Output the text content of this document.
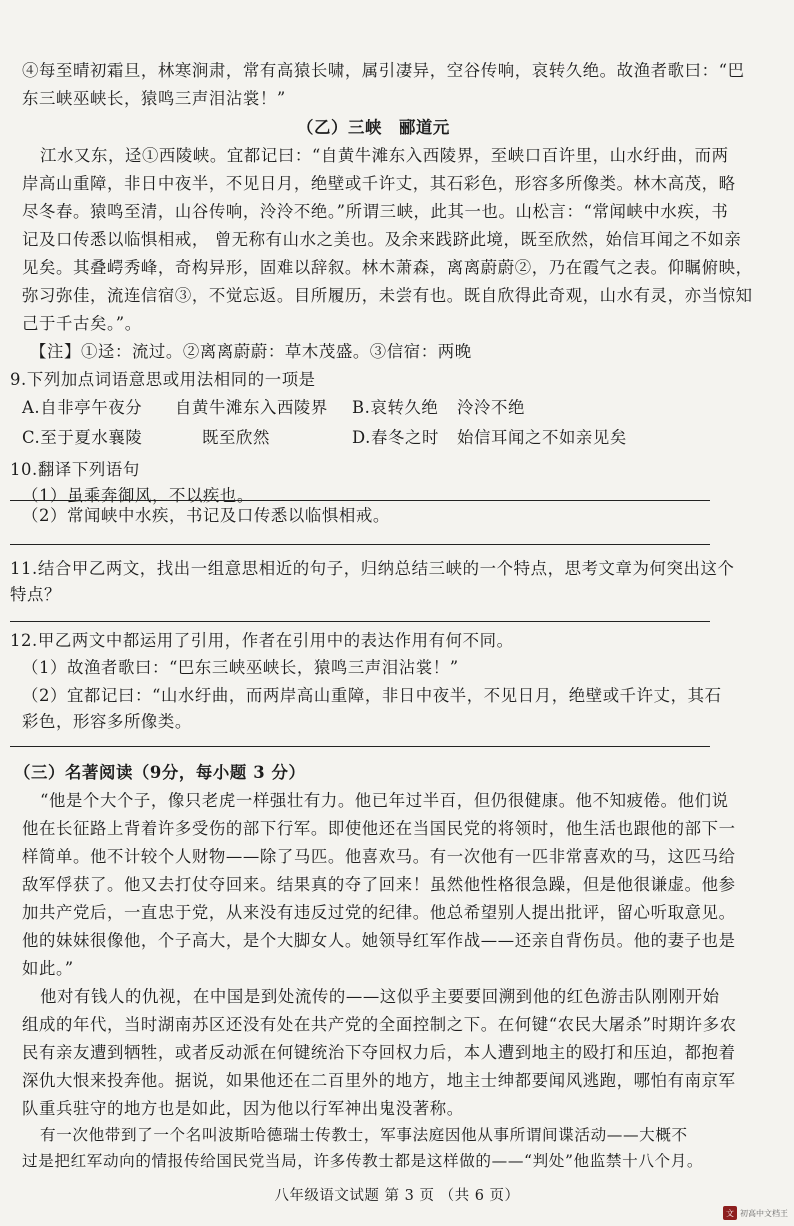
④每至晴初霜旦，林寒涧肃，常有高猿长啸，属引凄异，空谷传响，哀转久绝。故渔者歌曰：“巴
东三峡巫峡长，猿鸣三声泪沾裳！”
（乙）三峡　郦道元
江水又东，迳①西陵峡。宜都记曰：“自黄牛滩东入西陵界，至峡口百许里，山水纡曲，而两
岸高山重障，非日中夜半，不见日月，绝壁或千许丈，其石彩色，形容多所像类。林木高茂，略
尽冬春。猿鸣至清，山谷传响，泠泠不绝。”所谓三峡，此其一也。山松言：“常闻峡中水疾，书
记及口传悉以临惧相戒， 曾无称有山水之美也。及余来践跻此境，既至欣然，始信耳闻之不如亲
见矣。其叠崿秀峰，奇构异形，固难以辞叙。林木萧森，离离蔚蔚②，乃在霞气之表。仰瞩俯映，
弥习弥佳，流连信宿③，不觉忘返。目所履历，未尝有也。既自欣得此奇观，山水有灵，亦当惊知
己于千古矣。”。
【注】①迳：流过。②离离蔚蔚：草木茂盛。③信宿：两晚
9.下列加点词语意思或用法相同的一项是
A.自非亭午夜分 自黄牛滩东入西陵界 B.哀转久绝 泠泠不绝
C.至于夏水襄陵	既至欣然	D.春冬之时 始信耳闻之不如亲见矣
10.翻译下列语句
（1）虽乘奔御风，不以疾也。
（2）常闻峡中水疾，书记及口传悉以临惧相戒。
11.结合甲乙两文，找出一组意思相近的句子，归纳总结三峡的一个特点，思考文章为何突出这个
特点？
12.甲乙两文中都运用了引用，作者在引用中的表达作用有何不同。
（1）故渔者歌曰：“巴东三峡巫峡长，猿鸣三声泪沾裳！”
（2）宜都记曰：“山水纡曲，而两岸高山重障，非日中夜半，不见日月，绝壁或千许丈，其石
彩色，形容多所像类。
（三）名著阅读（9分，每小题 3 分）
“他是个大个子，像只老虎一样强壮有力。他已年过半百，但仍很健康。他不知疲倦。他们说
他在长征路上背着许多受伤的部下行军。即使他还在当国民党的将领时，他生活也跟他的部下一
样简单。他不计较个人财物——除了马匹。他喜欢马。有一次他有一匹非常喜欢的马，这匹马给
敌军俘获了。他又去打仗夺回来。结果真的夺了回来！虽然他性格很急躁，但是他很谦虚。他参
加共产党后，一直忠于党，从来没有违反过党的纪律。他总希望别人提出批评，留心听取意见。
他的妹妹很像他，个子高大，是个大脚女人。她领导红军作战——还亲自背伤员。他的妻子也是
如此。”
他对有钱人的仇视，在中国是到处流传的——这似乎主要要回溯到他的红色游击队刚刚开始
组成的年代，当时湖南苏区还没有处在共产党的全面控制之下。在何键“农民大屠杀”时期许多农
民有亲友遭到牺牲，或者反动派在何键统治下夺回权力后，本人遭到地主的殴打和压迫，都抱着
深仇大恨来投奔他。据说，如果他还在二百里外的地方，地主士绅都要闻风逃跑，哪怕有南京军
队重兵驻守的地方也是如此，因为他以行军神出鬼没著称。
有一次他带到了一个名叫波斯哈德瑞士传教士，军事法庭因他从事所谓间谍活动——大概不
过是把红军动向的情报传给国民党当局，许多传教士都是这样做的——“判处”他监禁十八个月。
八年级语文试题 第 3 页 （共 6 页）
文 初高中文档王
